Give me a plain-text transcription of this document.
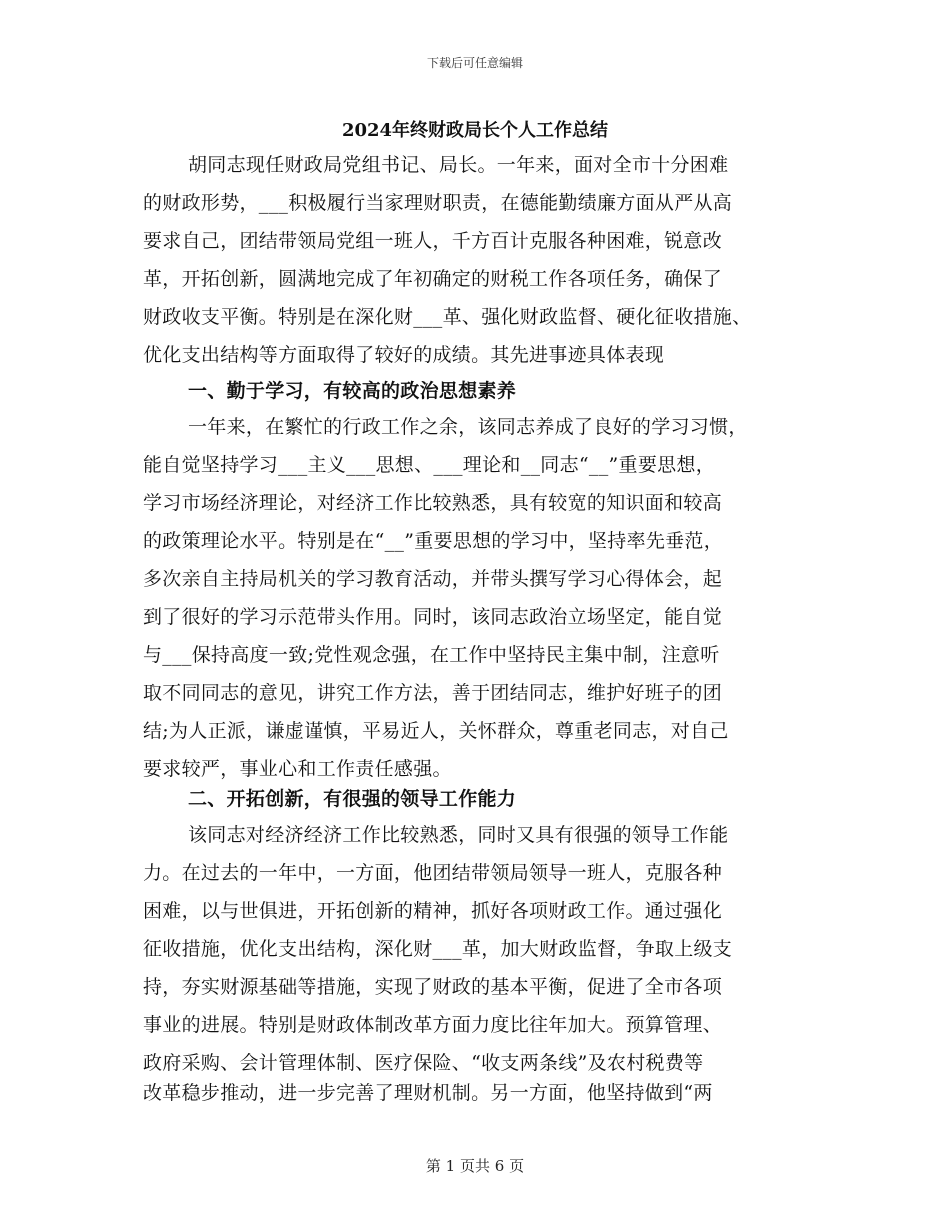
下载后可任意编辑
2024年终财政局长个人工作总结
胡同志现任财政局党组书记、局长。一年来，面对全市十分困难
的财政形势，___积极履行当家理财职责，在德能勤绩廉方面从严从高
要求自己，团结带领局党组一班人，千方百计克服各种困难，锐意改
革，开拓创新，圆满地完成了年初确定的财税工作各项任务，确保了
财政收支平衡。特别是在深化财___革、强化财政监督、硬化征收措施、
优化支出结构等方面取得了较好的成绩。其先进事迹具体表现
一、勤于学习，有较高的政治思想素养
一年来，在繁忙的行政工作之余，该同志养成了良好的学习习惯，
能自觉坚持学习___主义___思想、___理论和__同志“__”重要思想，
学习市场经济理论，对经济工作比较熟悉，具有较宽的知识面和较高
的政策理论水平。特别是在“__”重要思想的学习中，坚持率先垂范，
多次亲自主持局机关的学习教育活动，并带头撰写学习心得体会，起
到了很好的学习示范带头作用。同时，该同志政治立场坚定，能自觉
与___保持高度一致;党性观念强，在工作中坚持民主集中制，注意听
取不同同志的意见，讲究工作方法，善于团结同志，维护好班子的团
结;为人正派，谦虚谨慎，平易近人，关怀群众，尊重老同志，对自己
要求较严，事业心和工作责任感强。
二、开拓创新，有很强的领导工作能力
该同志对经济经济工作比较熟悉，同时又具有很强的领导工作能
力。在过去的一年中，一方面，他团结带领局领导一班人，克服各种
困难，以与世俱进，开拓创新的精神，抓好各项财政工作。通过强化
征收措施，优化支出结构，深化财___革，加大财政监督，争取上级支
持，夯实财源基础等措施，实现了财政的基本平衡，促进了全市各项
事业的进展。特别是财政体制改革方面力度比往年加大。预算管理、
政府采购、会计管理体制、医疗保险、“收支两条线”及农村税费等
改革稳步推动，进一步完善了理财机制。另一方面，他坚持做到“两
第 1 页共 6 页
